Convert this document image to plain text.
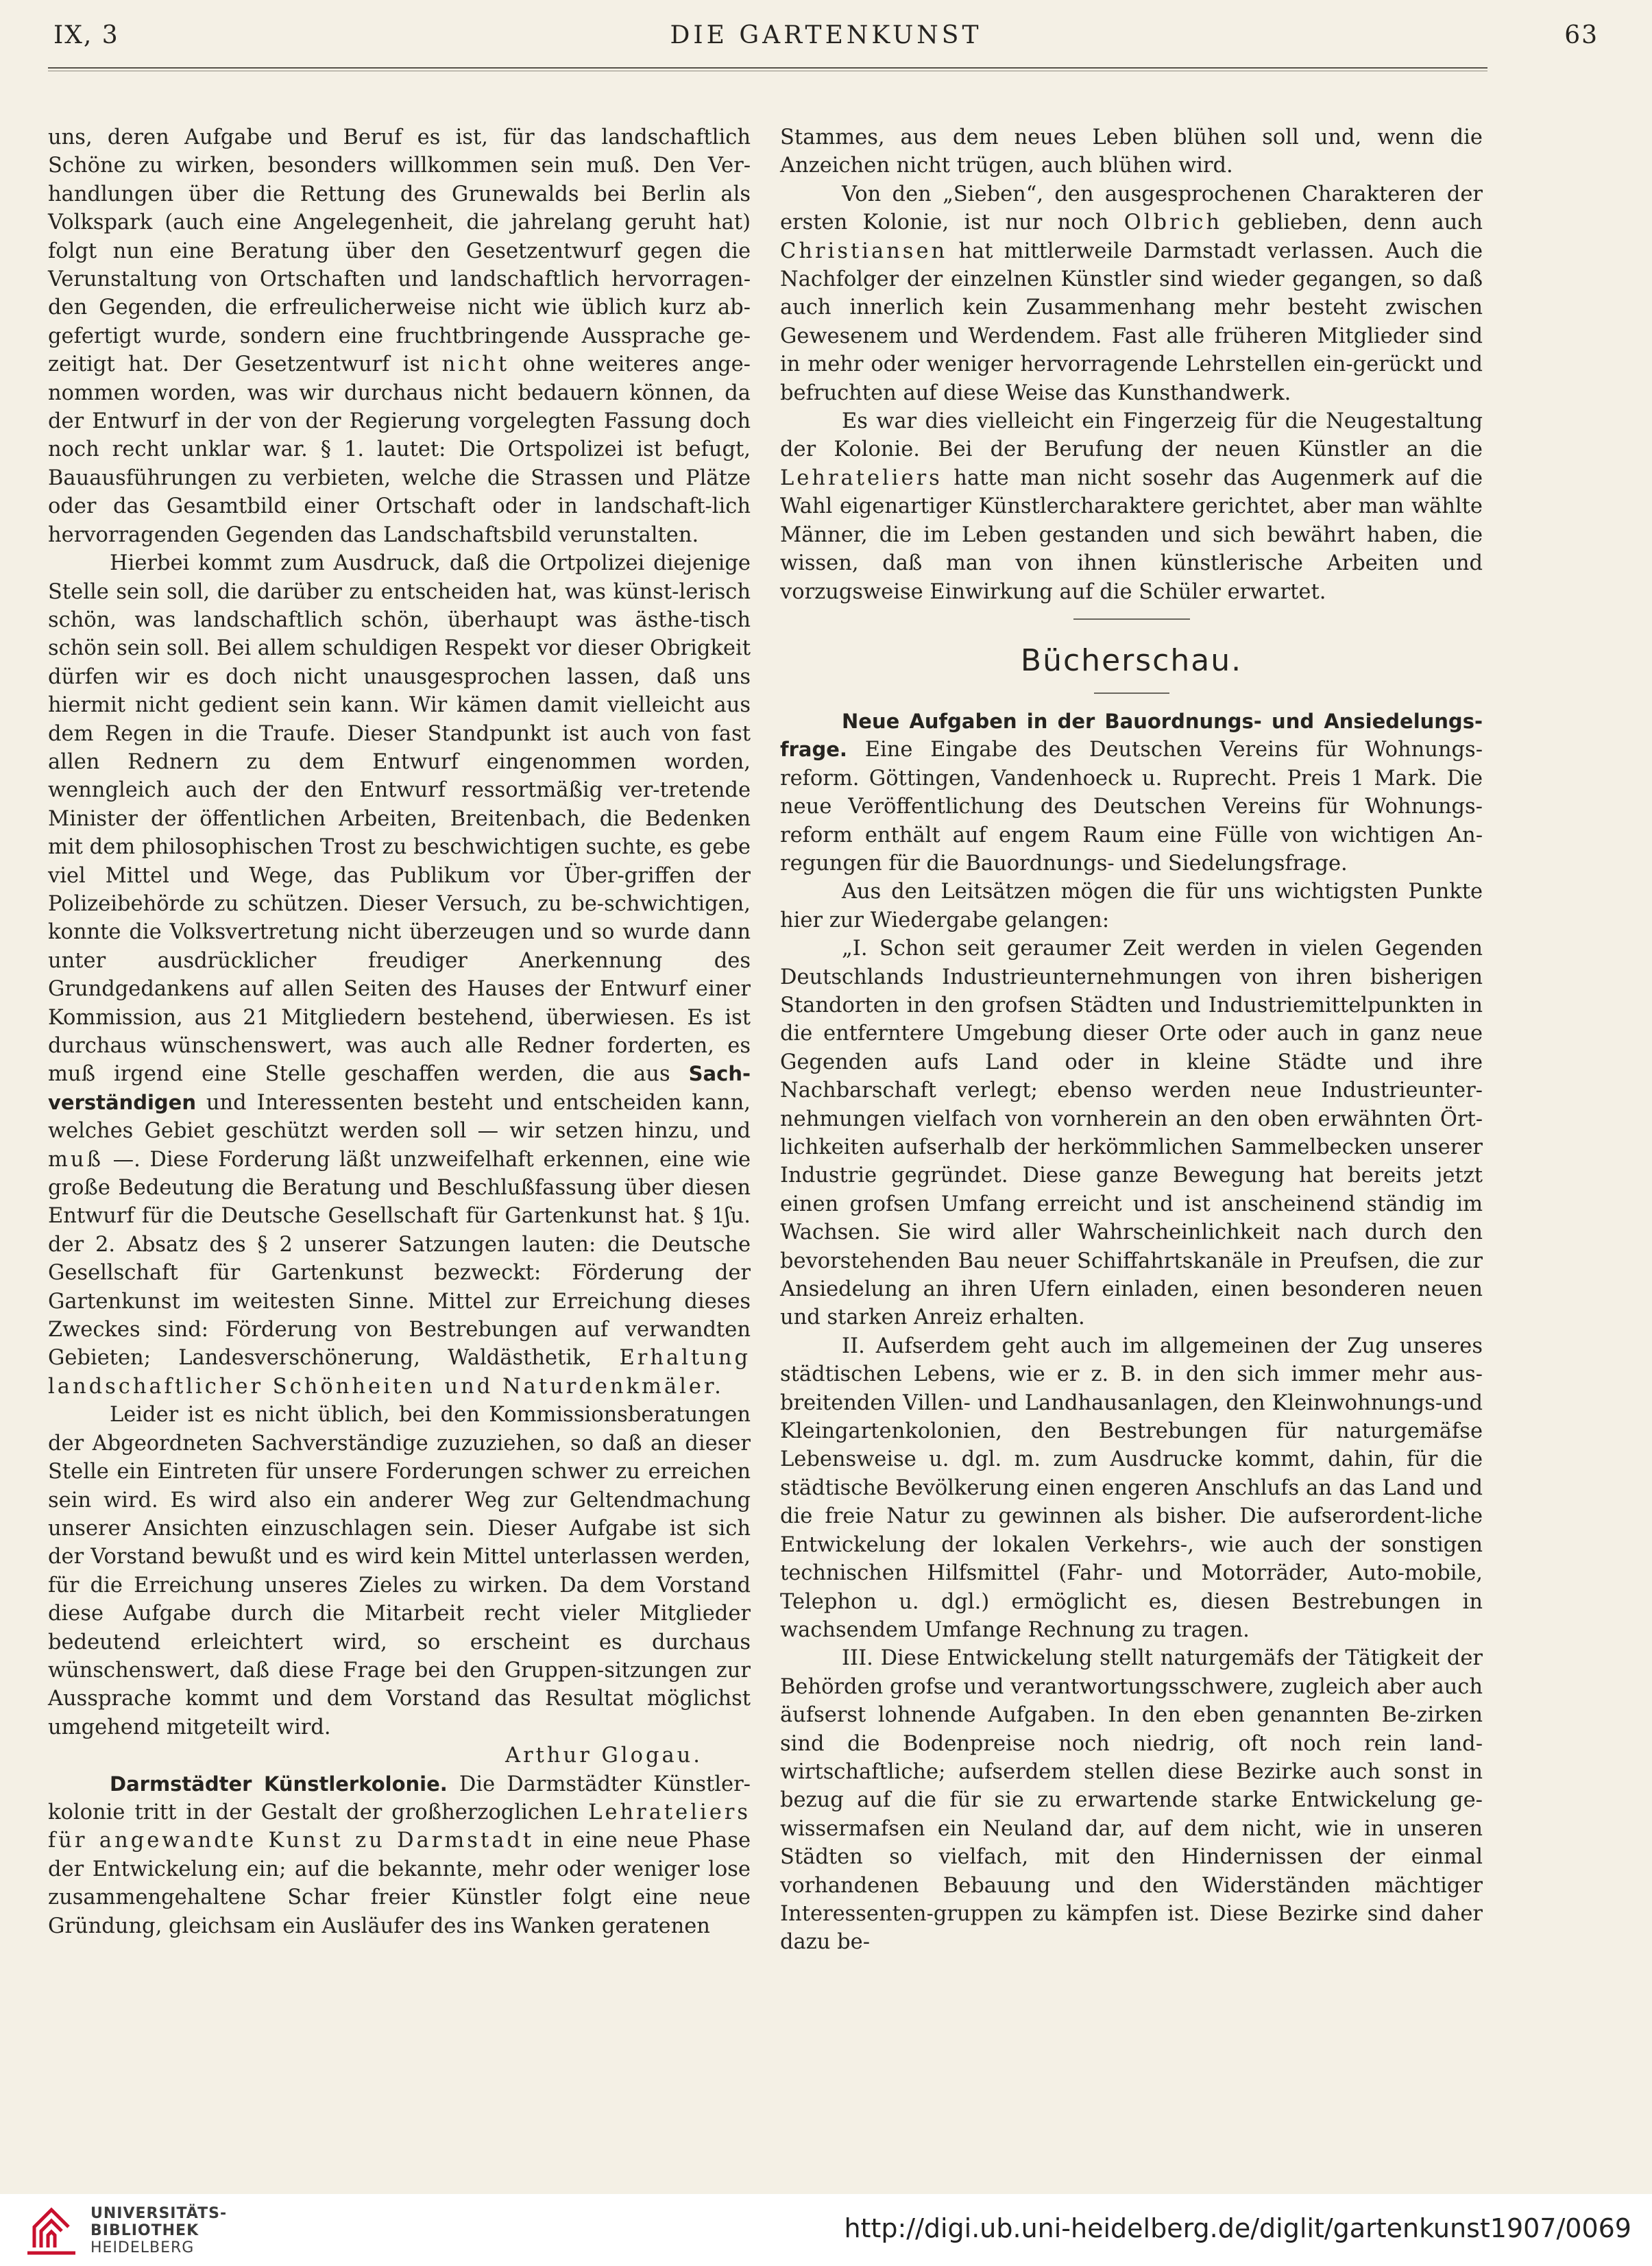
IX, 3	DIE GARTENKUNST	63

uns, deren Aufgabe und Beruf es ist, für das landschaftlich Schöne zu wirken, besonders willkommen sein muß. Den Ver-handlungen über die Rettung des Grunewalds bei Berlin als Volkspark (auch eine Angelegenheit, die jahrelang geruht hat) folgt nun eine Beratung über den Gesetzentwurf gegen die Verunstaltung von Ortschaften und landschaftlich hervorragen-den Gegenden, die erfreulicherweise nicht wie üblich kurz ab-gefertigt wurde, sondern eine fruchtbringende Aussprache ge-zeitigt hat. Der Gesetzentwurf ist nicht ohne weiteres ange-nommen worden, was wir durchaus nicht bedauern können, da der Entwurf in der von der Regierung vorgelegten Fassung doch noch recht unklar war. § 1. lautet: Die Ortspolizei ist befugt, Bauausführungen zu verbieten, welche die Strassen und Plätze oder das Gesamtbild einer Ortschaft oder in landschaft-lich hervorragenden Gegenden das Landschaftsbild verunstalten.

Hierbei kommt zum Ausdruck, daß die Ortpolizei diejenige Stelle sein soll, die darüber zu entscheiden hat, was künst-lerisch schön, was landschaftlich schön, überhaupt was ästhe-tisch schön sein soll. Bei allem schuldigen Respekt vor dieser Obrigkeit dürfen wir es doch nicht unausgesprochen lassen, daß uns hiermit nicht gedient sein kann. Wir kämen damit vielleicht aus dem Regen in die Traufe. Dieser Standpunkt ist auch von fast allen Rednern zu dem Entwurf eingenommen worden, wenngleich auch der den Entwurf ressortmäßig ver-tretende Minister der öffentlichen Arbeiten, Breitenbach, die Bedenken mit dem philosophischen Trost zu beschwichtigen suchte, es gebe viel Mittel und Wege, das Publikum vor Über-griffen der Polizeibehörde zu schützen. Dieser Versuch, zu be-schwichtigen, konnte die Volksvertretung nicht überzeugen und so wurde dann unter ausdrücklicher freudiger Anerkennung des Grundgedankens auf allen Seiten des Hauses der Entwurf einer Kommission, aus 21 Mitgliedern bestehend, überwiesen. Es ist durchaus wünschenswert, was auch alle Redner forderten, es muß irgend eine Stelle geschaffen werden, die aus Sach-verständigen und Interessenten besteht und entscheiden kann, welches Gebiet geschützt werden soll — wir setzen hinzu, und muß —. Diese Forderung läßt unzweifelhaft erkennen, eine wie große Bedeutung die Beratung und Beschlußfassung über diesen Entwurf für die Deutsche Gesellschaft für Gartenkunst hat. § 1ʃu. der 2. Absatz des § 2 unserer Satzungen lauten: die Deutsche Gesellschaft für Gartenkunst bezweckt: Förderung der Gartenkunst im weitesten Sinne. Mittel zur Erreichung dieses Zweckes sind: Förderung von Bestrebungen auf verwandten Gebieten; Landesverschönerung, Waldästhetik, Erhaltung landschaftlicher Schönheiten und Naturdenkmäler.

Leider ist es nicht üblich, bei den Kommissionsberatungen der Abgeordneten Sachverständige zuzuziehen, so daß an dieser Stelle ein Eintreten für unsere Forderungen schwer zu erreichen sein wird. Es wird also ein anderer Weg zur Geltendmachung unserer Ansichten einzuschlagen sein. Dieser Aufgabe ist sich der Vorstand bewußt und es wird kein Mittel unterlassen werden, für die Erreichung unseres Zieles zu wirken. Da dem Vorstand diese Aufgabe durch die Mitarbeit recht vieler Mitglieder bedeutend erleichtert wird, so erscheint es durchaus wünschenswert, daß diese Frage bei den Gruppen-sitzungen zur Aussprache kommt und dem Vorstand das Resultat möglichst umgehend mitgeteilt wird.

Arthur Glogau.

Darmstädter Künstlerkolonie. Die Darmstädter Künstler-kolonie tritt in der Gestalt der großherzoglichen Lehrateliers für angewandte Kunst zu Darmstadt in eine neue Phase der Entwickelung ein; auf die bekannte, mehr oder weniger lose zusammengehaltene Schar freier Künstler folgt eine neue Gründung, gleichsam ein Ausläufer des ins Wanken geratenen

Stammes, aus dem neues Leben blühen soll und, wenn die Anzeichen nicht trügen, auch blühen wird.

Von den „Sieben“, den ausgesprochenen Charakteren der ersten Kolonie, ist nur noch Olbrich geblieben, denn auch Christiansen hat mittlerweile Darmstadt verlassen. Auch die Nachfolger der einzelnen Künstler sind wieder gegangen, so daß auch innerlich kein Zusammenhang mehr besteht zwischen Gewesenem und Werdendem. Fast alle früheren Mitglieder sind in mehr oder weniger hervorragende Lehrstellen ein-gerückt und befruchten auf diese Weise das Kunsthandwerk.

Es war dies vielleicht ein Fingerzeig für die Neugestaltung der Kolonie. Bei der Berufung der neuen Künstler an die Lehrateliers hatte man nicht sosehr das Augenmerk auf die Wahl eigenartiger Künstlercharaktere gerichtet, aber man wählte Männer, die im Leben gestanden und sich bewährt haben, die wissen, daß man von ihnen künstlerische Arbeiten und vorzugsweise Einwirkung auf die Schüler erwartet.

Bücherschau.

Neue Aufgaben in der Bauordnungs- und Ansiedelungs-frage. Eine Eingabe des Deutschen Vereins für Wohnungs-reform. Göttingen, Vandenhoeck u. Ruprecht. Preis 1 Mark. Die neue Veröffentlichung des Deutschen Vereins für Wohnungs-reform enthält auf engem Raum eine Fülle von wichtigen An-regungen für die Bauordnungs- und Siedelungsfrage.

Aus den Leitsätzen mögen die für uns wichtigsten Punkte hier zur Wiedergabe gelangen:

„I. Schon seit geraumer Zeit werden in vielen Gegenden Deutschlands Industrieunternehmungen von ihren bisherigen Standorten in den grofsen Städten und Industriemittelpunkten in die entferntere Umgebung dieser Orte oder auch in ganz neue Gegenden aufs Land oder in kleine Städte und ihre Nachbarschaft verlegt; ebenso werden neue Industrieunter-nehmungen vielfach von vornherein an den oben erwähnten Ört-lichkeiten aufserhalb der herkömmlichen Sammelbecken unserer Industrie gegründet. Diese ganze Bewegung hat bereits jetzt einen grofsen Umfang erreicht und ist anscheinend ständig im Wachsen. Sie wird aller Wahrscheinlichkeit nach durch den bevorstehenden Bau neuer Schiffahrtskanäle in Preufsen, die zur Ansiedelung an ihren Ufern einladen, einen besonderen neuen und starken Anreiz erhalten.

II. Aufserdem geht auch im allgemeinen der Zug unseres städtischen Lebens, wie er z. B. in den sich immer mehr aus-breitenden Villen- und Landhausanlagen, den Kleinwohnungs-und Kleingartenkolonien, den Bestrebungen für naturgemäfse Lebensweise u. dgl. m. zum Ausdrucke kommt, dahin, für die städtische Bevölkerung einen engeren Anschlufs an das Land und die freie Natur zu gewinnen als bisher. Die aufserordent-liche Entwickelung der lokalen Verkehrs-, wie auch der sonstigen technischen Hilfsmittel (Fahr- und Motorräder, Auto-mobile, Telephon u. dgl.) ermöglicht es, diesen Bestrebungen in wachsendem Umfange Rechnung zu tragen.

III. Diese Entwickelung stellt naturgemäfs der Tätigkeit der Behörden grofse und verantwortungsschwere, zugleich aber auch äufserst lohnende Aufgaben. In den eben genannten Be-zirken sind die Bodenpreise noch niedrig, oft noch rein land-wirtschaftliche; aufserdem stellen diese Bezirke auch sonst in bezug auf die für sie zu erwartende starke Entwickelung ge-wissermafsen ein Neuland dar, auf dem nicht, wie in unseren Städten so vielfach, mit den Hindernissen der einmal vorhandenen Bebauung und den Widerständen mächtiger Interessenten-gruppen zu kämpfen ist. Diese Bezirke sind daher dazu be-

UNIVERSITÄTS-
BIBLIOTHEK
HEIDELBERG
http://digi.ub.uni-heidelberg.de/diglit/gartenkunst1907/0069
